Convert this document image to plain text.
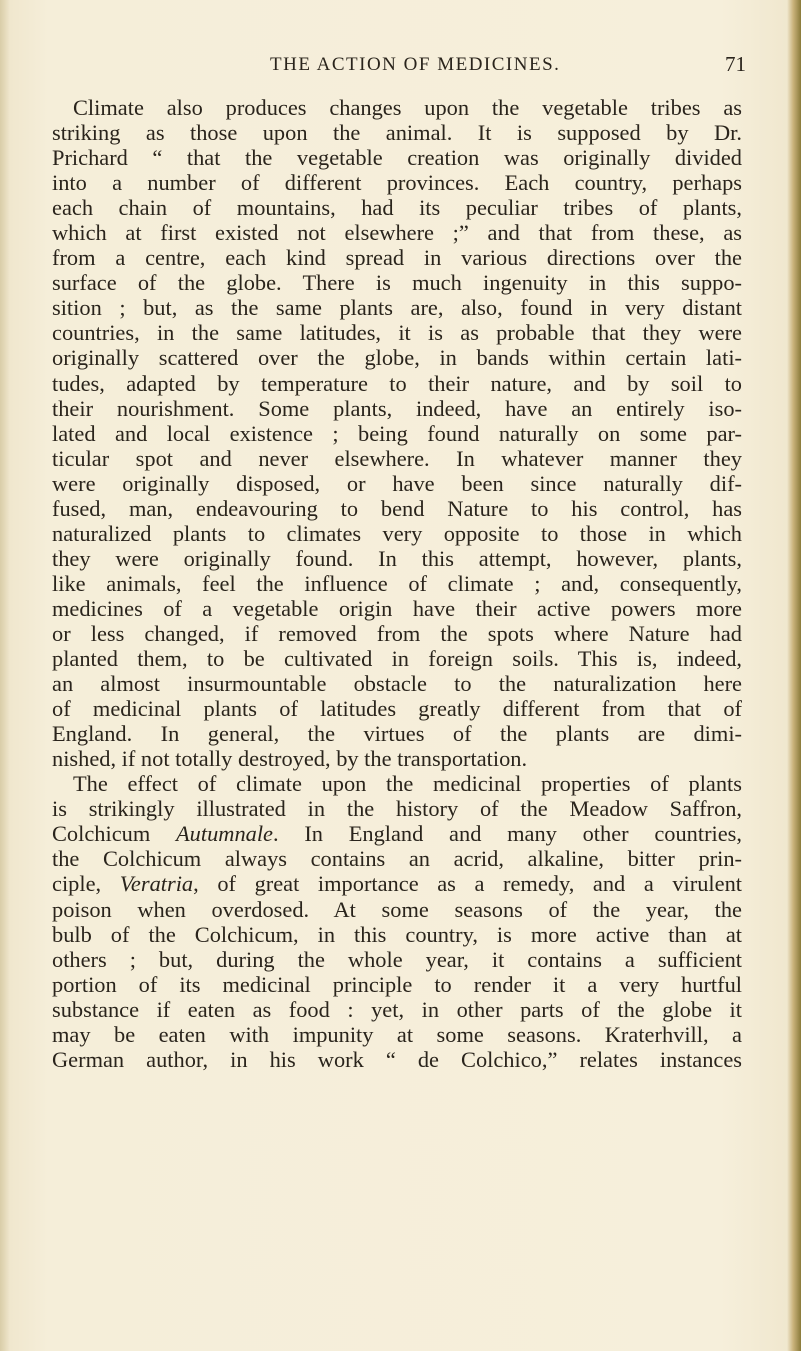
THE ACTION OF MEDICINES.	71
Climate also produces changes upon the vegetable tribes as
striking as those upon the animal. It is supposed by Dr.
Prichard “ that the vegetable creation was originally divided
into a number of different provinces. Each country, perhaps
each chain of mountains, had its peculiar tribes of plants,
which at first existed not elsewhere ;” and that from these, as
from a centre, each kind spread in various directions over the
surface of the globe. There is much ingenuity in this suppo-
sition ; but, as the same plants are, also, found in very distant
countries, in the same latitudes, it is as probable that they were
originally scattered over the globe, in bands within certain lati-
tudes, adapted by temperature to their nature, and by soil to
their nourishment. Some plants, indeed, have an entirely iso-
lated and local existence ; being found naturally on some par-
ticular spot and never elsewhere. In whatever manner they
were originally disposed, or have been since naturally dif-
fused, man, endeavouring to bend Nature to his control, has
naturalized plants to climates very opposite to those in which
they were originally found. In this attempt, however, plants,
like animals, feel the influence of climate ; and, consequently,
medicines of a vegetable origin have their active powers more
or less changed, if removed from the spots where Nature had
planted them, to be cultivated in foreign soils. This is, indeed,
an almost insurmountable obstacle to the naturalization here
of medicinal plants of latitudes greatly different from that of
England. In general, the virtues of the plants are dimi-
nished, if not totally destroyed, by the transportation.
The effect of climate upon the medicinal properties of plants
is strikingly illustrated in the history of the Meadow Saffron,
Colchicum Autumnale. In England and many other countries,
the Colchicum always contains an acrid, alkaline, bitter prin-
ciple, Veratria, of great importance as a remedy, and a virulent
poison when overdosed. At some seasons of the year, the
bulb of the Colchicum, in this country, is more active than at
others ; but, during the whole year, it contains a sufficient
portion of its medicinal principle to render it a very hurtful
substance if eaten as food : yet, in other parts of the globe it
may be eaten with impunity at some seasons. Kraterhvill, a
German author, in his work “ de Colchico,” relates instances
